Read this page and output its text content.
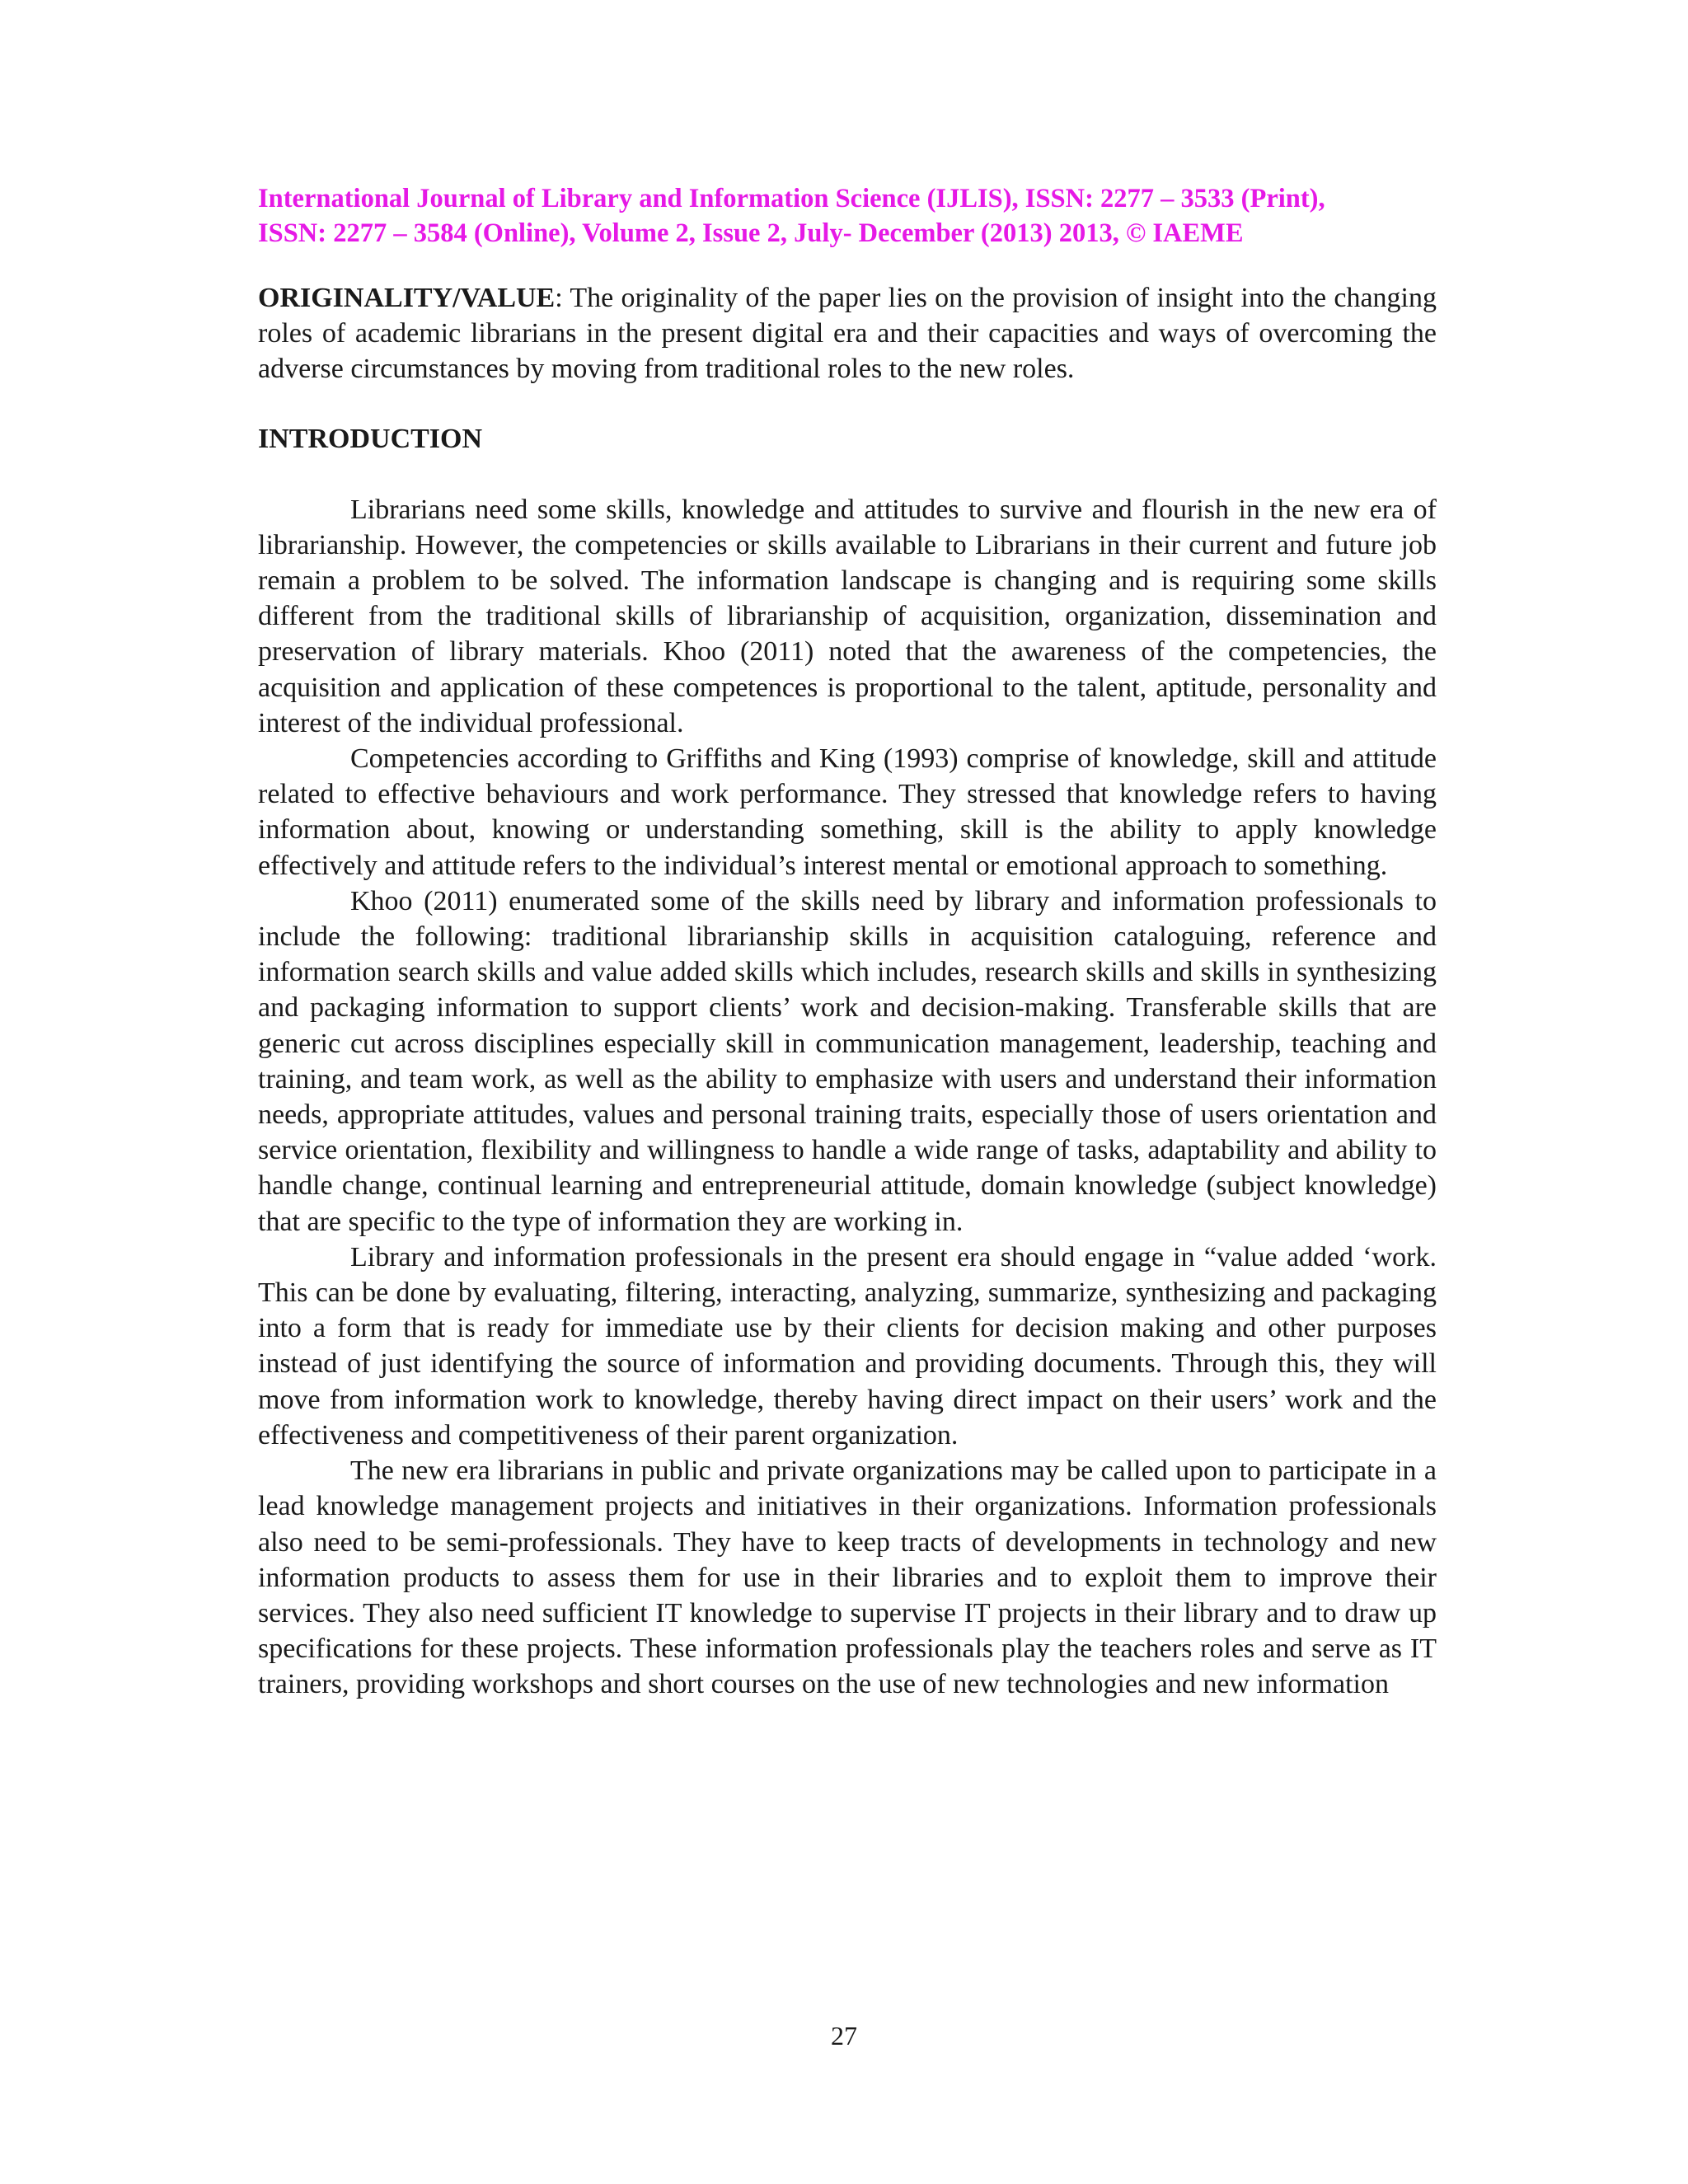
International Journal of Library and Information Science (IJLIS), ISSN: 2277 – 3533 (Print),

ISSN: 2277 – 3584 (Online), Volume 2, Issue 2, July- December (2013) 2013, © IAEME

ORIGINALITY/VALUE: The originality of the paper lies on the provision of insight into the changing roles of academic librarians in the present digital era and their capacities and ways of overcoming the adverse circumstances by moving from traditional roles to the new roles.

INTRODUCTION

Librarians need some skills, knowledge and attitudes to survive and flourish in the new era of librarianship. However, the competencies or skills available to Librarians in their current and future job remain a problem to be solved. The information landscape is changing and is requiring some skills different from the traditional skills of librarianship of acquisition, organization, dissemination and preservation of library materials. Khoo (2011) noted that the awareness of the competencies, the acquisition and application of these competences is proportional to the talent, aptitude, personality and interest of the individual professional.

Competencies according to Griffiths and King (1993) comprise of knowledge, skill and attitude related to effective behaviours and work performance. They stressed that knowledge refers to having information about, knowing or understanding something, skill is the ability to apply knowledge effectively and attitude refers to the individual’s interest mental or emotional approach to something.

Khoo (2011) enumerated some of the skills need by library and information professionals to include the following: traditional librarianship skills in acquisition cataloguing, reference and information search skills and value added skills which includes, research skills and skills in synthesizing and packaging information to support clients’ work and decision-making. Transferable skills that are generic cut across disciplines especially skill in communication management, leadership, teaching and training, and team work, as well as the ability to emphasize with users and understand their information needs, appropriate attitudes, values and personal training traits, especially those of users orientation and service orientation, flexibility and willingness to handle a wide range of tasks, adaptability and ability to handle change, continual learning and entrepreneurial attitude, domain knowledge (subject knowledge) that are specific to the type of information they are working in.

Library and information professionals in the present era should engage in “value added ‘work. This can be done by evaluating, filtering, interacting, analyzing, summarize, synthesizing and packaging into a form that is ready for immediate use by their clients for decision making and other purposes instead of just identifying the source of information and providing documents. Through this, they will move from information work to knowledge, thereby having direct impact on their users’ work and the effectiveness and competitiveness of their parent organization.

The new era librarians in public and private organizations may be called upon to participate in a lead knowledge management projects and initiatives in their organizations. Information professionals also need to be semi-professionals. They have to keep tracts of developments in technology and new information products to assess them for use in their libraries and to exploit them to improve their services. They also need sufficient IT knowledge to supervise IT projects in their library and to draw up specifications for these projects. These information professionals play the teachers roles and serve as IT trainers, providing workshops and short courses on the use of new technologies and new information

27
